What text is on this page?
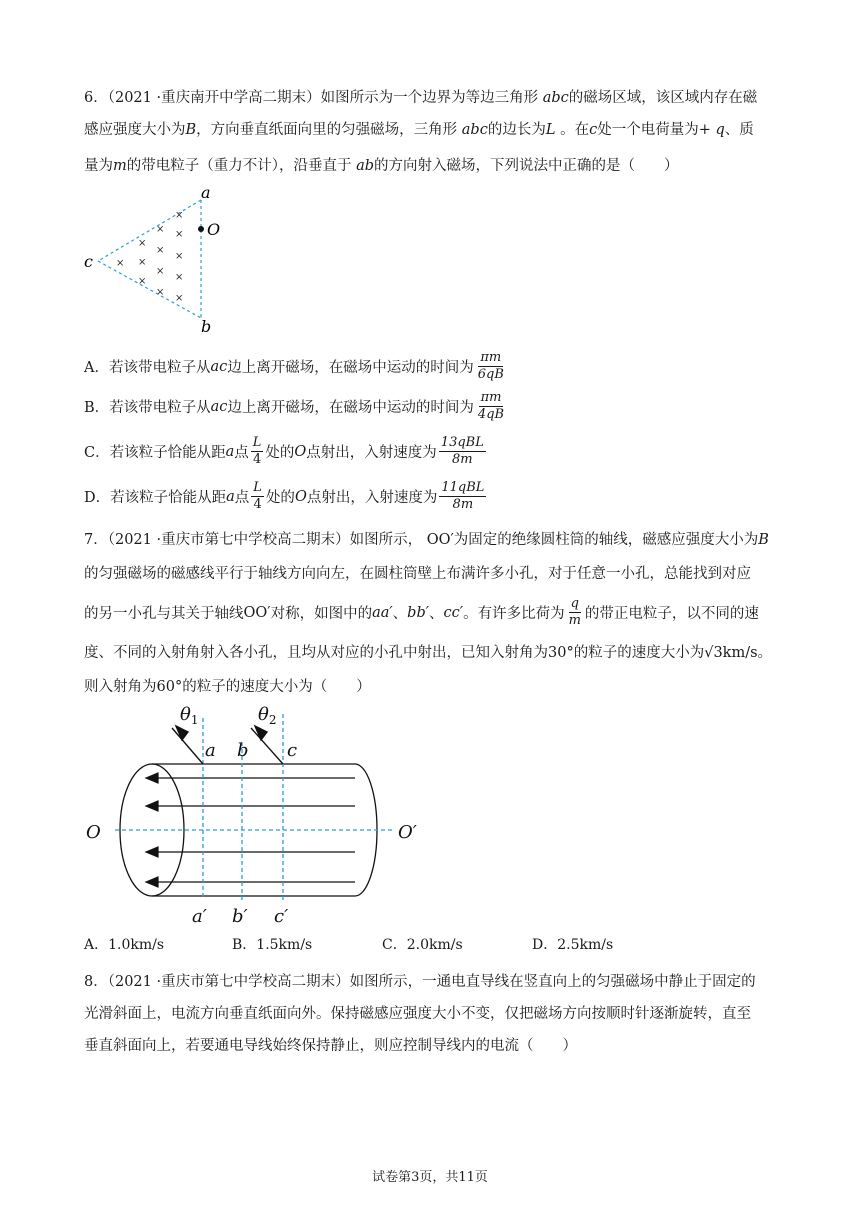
6．（2021 ·重庆南开中学高二期末）如图所示为一个边界为等边三角形 abc的磁场区域，该区域内存在磁
感应强度大小为B，方向垂直纸面向里的匀强磁场，三角形 abc的边长为L 。在c处一个电荷量为+ q、质
量为m的带电粒子（重力不计），沿垂直于 ab的方向射入磁场，下列说法中正确的是（　　）
a
O
c
b
×
×
×
×
×
×
×
×
×
×
×
×
×
A． 若该带电粒子从 ac 边上离开磁场，在磁场中运动的时间为 $\frac{\pi m}{6qB}$
B． 若该带电粒子从 ac 边上离开磁场，在磁场中运动的时间为 $\frac{\pi m}{4qB}$
C． 若该粒子恰能从距 a 点 $\frac{L}{4}$ 处的 O 点射出，入射速度为 $\frac{\text{13qBL}}{8m}$
D． 若该粒子恰能从距 a 点 $\frac{L}{4}$ 处的 O 点射出，入射速度为 $\frac{\text{11qBL}}{8m}$
7．（2021 ·重庆市第七中学校高二期末）如图所示， OO′为固定的绝缘圆柱筒的轴线，磁感应强度大小为B
的匀强磁场的磁感线平行于轴线方向向左，在圆柱筒壁上布满许多小孔，对于任意一小孔，总能找到对应
的另一小孔与其关于轴线 OO′ 对称，如图中的 aa′ 、 bb′ 、 cc′ 。有许多比荷为 $\frac{q}{m}$ 的带正电粒子，以不同的速
度、不同的入射角射入各小孔，且均从对应的小孔中射出，已知入射角为30°的粒子的速度大小为√3km/s。
则入射角为60°的粒子的速度大小为（　　）
$\theta_1$	$\theta_2$
a b c
O	O′
a′ b′ c′
A．1.0km/s	B．1.5km/s	C．2.0km/s	D．2.5km/s
8．（2021 ·重庆市第七中学校高二期末）如图所示，一通电直导线在竖直向上的匀强磁场中静止于固定的
光滑斜面上，电流方向垂直纸面向外。保持磁感应强度大小不变，仅把磁场方向按顺时针逐渐旋转，直至
垂直斜面向上，若要通电导线始终保持静止，则应控制导线内的电流（　　）
试卷第3页，共11页
